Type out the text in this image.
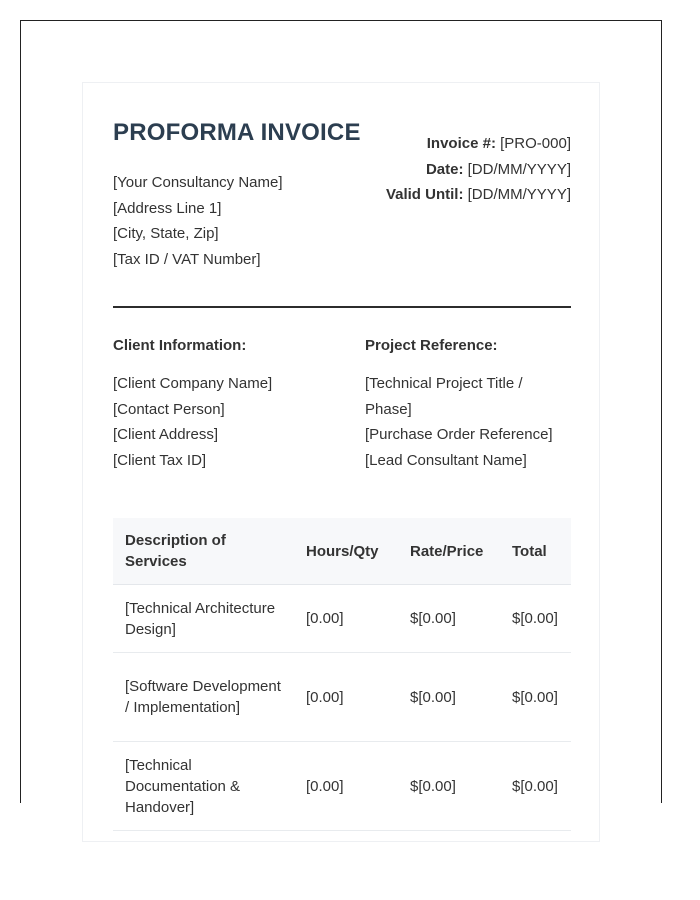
PROFORMA INVOICE
[Your Consultancy Name]
[Address Line 1]
[City, State, Zip]
[Tax ID / VAT Number]
Invoice #: [PRO-000]
Date: [DD/MM/YYYY]
Valid Until: [DD/MM/YYYY]
Client Information:
[Client Company Name]
[Contact Person]
[Client Address]
[Client Tax ID]
Project Reference:
[Technical Project Title / Phase]
[Purchase Order Reference]
[Lead Consultant Name]
Description of Services	Hours/Qty	Rate/Price	Total
[Technical Architecture Design]	[0.00]	$[0.00]	$[0.00]
[Software Development / Implementation]	[0.00]	$[0.00]	$[0.00]
[Technical Documentation & Handover]	[0.00]	$[0.00]	$[0.00]
